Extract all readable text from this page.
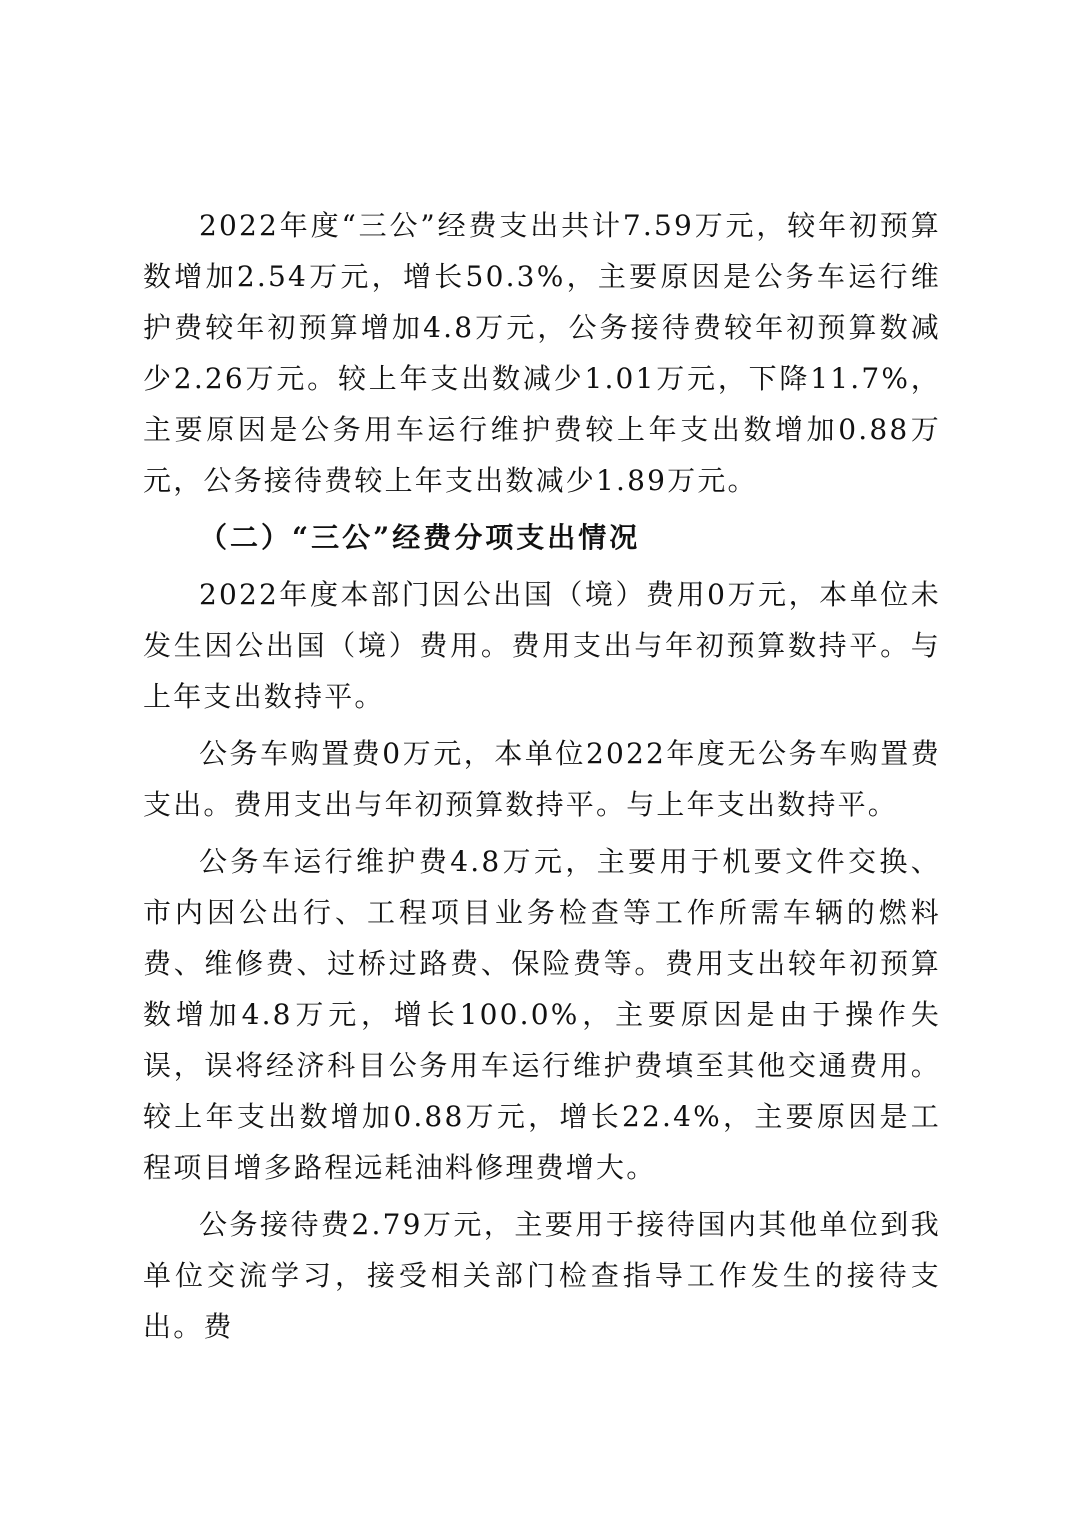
2022年度“三公”经费支出共计7.59万元，较年初预算数增加2.54万元，增长50.3%，主要原因是公务车运行维护费较年初预算增加4.8万元，公务接待费较年初预算数减少2.26万元。较上年支出数减少1.01万元，下降11.7%，主要原因是公务用车运行维护费较上年支出数增加0.88万元，公务接待费较上年支出数减少1.89万元。

（二）“三公”经费分项支出情况

2022年度本部门因公出国（境）费用0万元，本单位未发生因公出国（境）费用。费用支出与年初预算数持平。与上年支出数持平。

公务车购置费0万元，本单位2022年度无公务车购置费支出。费用支出与年初预算数持平。与上年支出数持平。

公务车运行维护费4.8万元，主要用于机要文件交换、市内因公出行、工程项目业务检查等工作所需车辆的燃料费、维修费、过桥过路费、保险费等。费用支出较年初预算数增加4.8万元，增长100.0%，主要原因是由于操作失误，误将经济科目公务用车运行维护费填至其他交通费用。较上年支出数增加0.88万元，增长22.4%，主要原因是工程项目增多路程远耗油料修理费增大。

公务接待费2.79万元，主要用于接待国内其他单位到我单位交流学习，接受相关部门检查指导工作发生的接待支出。费
